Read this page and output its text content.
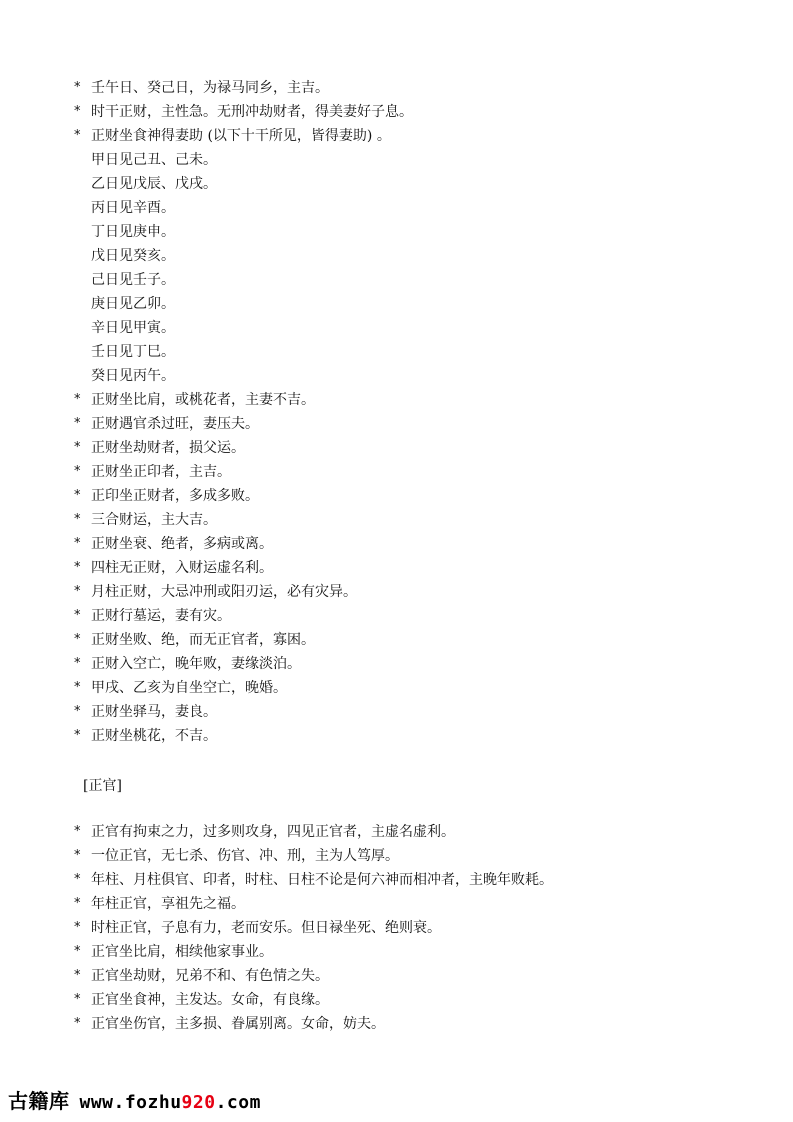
* 壬午日、癸己日，为禄马同乡，主吉。
* 时干正财，主性急。无刑冲劫财者，得美妻好子息。
* 正财坐食神得妻助 (以下十干所见，皆得妻助) 。
甲日见己丑、己未。
乙日见戊辰、戊戌。
丙日见辛酉。
丁日见庚申。
戊日见癸亥。
己日见壬子。
庚日见乙卯。
辛日见甲寅。
壬日见丁巳。
癸日见丙午。
* 正财坐比肩，或桃花者，主妻不吉。
* 正财遇官杀过旺，妻压夫。
* 正财坐劫财者，损父运。
* 正财坐正印者，主吉。
* 正印坐正财者，多成多败。
* 三合财运，主大吉。
* 正财坐衰、绝者，多病或离。
* 四柱无正财，入财运虚名利。
* 月柱正财，大忌冲刑或阳刃运，必有灾异。
* 正财行墓运，妻有灾。
* 正财坐败、绝，而无正官者，寡困。
* 正财入空亡，晚年败，妻缘淡泊。
* 甲戌、乙亥为自坐空亡，晚婚。
* 正财坐驿马，妻良。
* 正财坐桃花，不吉。
[正官]
* 正官有拘束之力，过多则攻身，四见正官者，主虚名虚利。
* 一位正官，无七杀、伤官、冲、刑，主为人笃厚。
* 年柱、月柱俱官、印者，时柱、日柱不论是何六神而相冲者，主晚年败耗。
* 年柱正官，享祖先之福。
* 时柱正官，子息有力，老而安乐。但日禄坐死、绝则衰。
* 正官坐比肩，相续他家事业。
* 正官坐劫财，兄弟不和、有色情之失。
* 正官坐食神，主发达。女命，有良缘。
* 正官坐伤官，主多损、眷属别离。女命，妨夫。
古籍库 www.fozhu920.com
